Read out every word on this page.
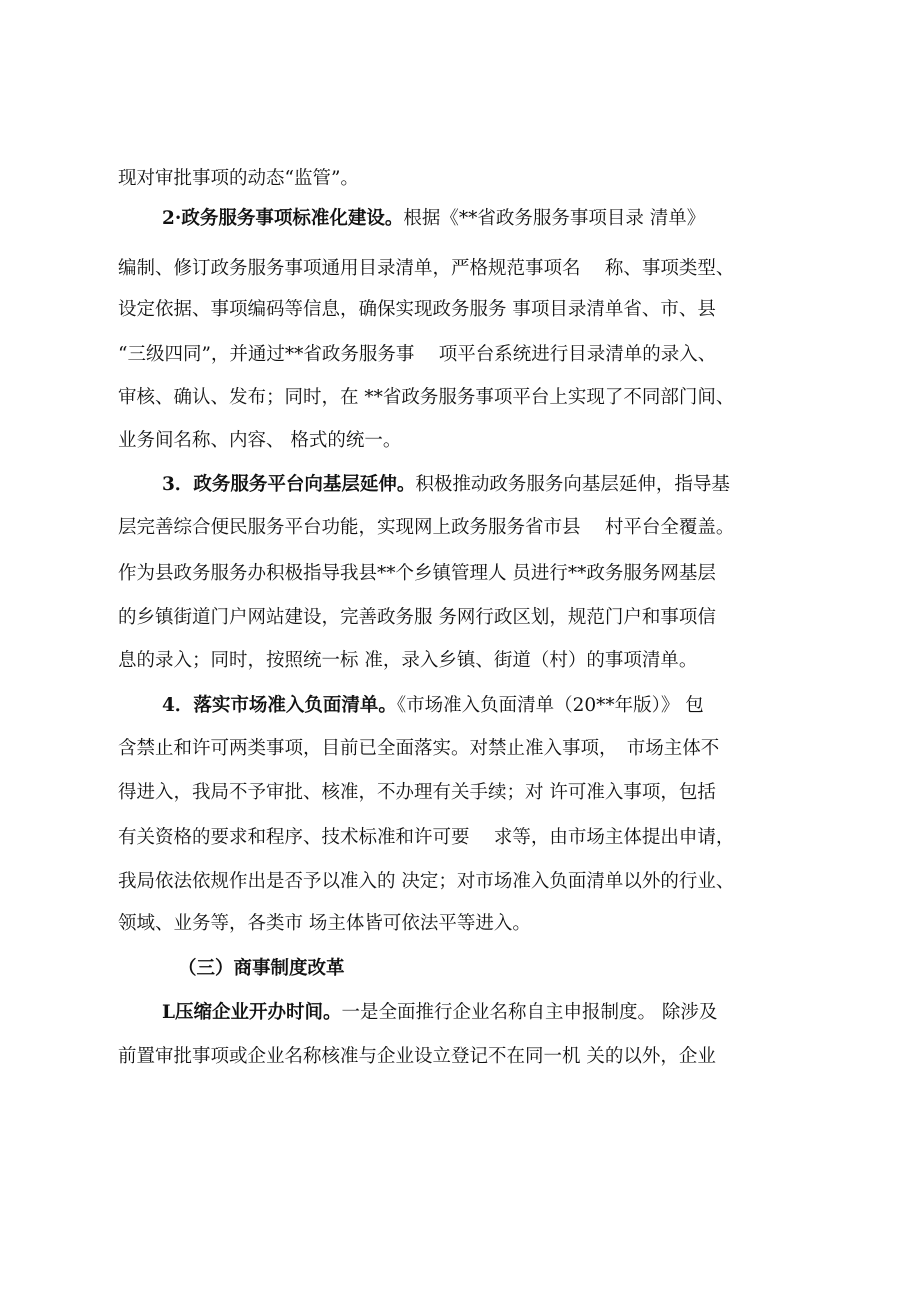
现对审批事项的动态“监管”。
2·政务服务事项标准化建设。根据《**省政务服务事项目录 清单》
编制、修订政务服务事项通用目录清单，严格规范事项名　 称、事项类型、
设定依据、事项编码等信息，确保实现政务服务 事项目录清单省、市、县
“三级四同”，并通过**省政务服务事　 项平台系统进行目录清单的录入、
审核、确认、发布；同时，在 **省政务服务事项平台上实现了不同部门间、
业务间名称、内容、 格式的统一。
3．政务服务平台向基层延伸。积极推动政务服务向基层延伸，指导基
层完善综合便民服务平台功能，实现网上政务服务省市县　 村平台全覆盖。
作为县政务服务办积极指导我县**个乡镇管理人 员进行**政务服务网基层
的乡镇街道门户网站建设，完善政务服 务网行政区划，规范门户和事项信
息的录入；同时，按照统一标 准，录入乡镇、街道（村）的事项清单。
4．落实市场准入负面清单。《市场准入负面清单（20**年版）》 包
含禁止和许可两类事项，目前已全面落实。对禁止准入事项，　市场主体不
得进入，我局不予审批、核准，不办理有关手续；对 许可准入事项，包括
有关资格的要求和程序、技术标准和许可要　 求等，由市场主体提出申请，
我局依法依规作出是否予以准入的 决定；对市场准入负面清单以外的行业、
领域、业务等，各类市 场主体皆可依法平等进入。
（三）商事制度改革
L压缩企业开办时间。一是全面推行企业名称自主申报制度。 除涉及
前置审批事项或企业名称核准与企业设立登记不在同一机 关的以外，企业
